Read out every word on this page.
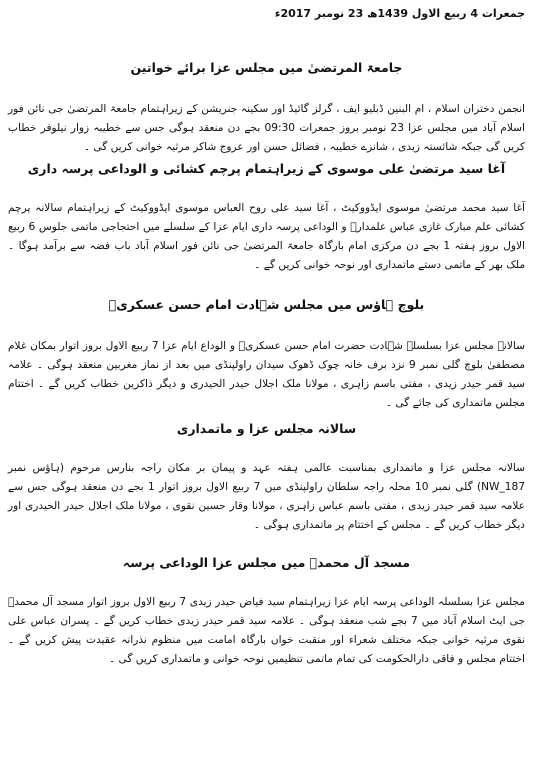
جمعرات 4 ربیع الاول 1439ھ 23 نومبر 2017ء
جامعۃ المرتضیٰ میں مجلس عزا برائے خواتین

انجمن دختران اسلام ، ام البنین ڈبلیو ایف ، گرلز گائیڈ اور سکینہ جنریشن کے زیراہتمام جامعۃ المرتضیٰ جی نائن فور اسلام آباد میں مجلس عزا 23 نومبر بروز جمعرات 09:30 بجے دن منعقد ہوگی جس سے خطیبہ زوار نیلوفر خطاب کریں گی جبکہ شائستہ زیدی ، شانزے خطیبہ ، فضائل حسن اور عروج شاکر مرثیہ خوانی کریں گی ۔

آغا سید مرتضیٰ علی موسوی کے زیراہتمام پرچم کشائی و الوداعی پرسہ داری

آغا سید محمد مرتضیٰ موسوی ایڈووکیٹ ، آغا سید علی روح العباس موسوی ایڈووکیٹ کے زیراہتمام سالانہ پرچم کشائی علم مبارک غازی عباس علمدارؑ و الوداعی پرسہ داری ایام عزا کے سلسلے میں احتجاجی ماتمی جلوس 6 ربیع الاول بروز ہفتہ 1 بجے دن مرکزی امام بارگاہ جامعۃ المرتضیٰ جی نائن فور اسلام آباد باب فضہ سے برآمد ہوگا ۔ ملک بھر کے ماتمی دستے ماتمداری اور نوحہ خوانی کریں گے ۔

بلوچ ہاؤس میں مجلس شہادت امام حسن عسکریؑ

سالانہ مجلس عزا بسلسلہ شہادت حضرت امام حسن عسکریؑ و الوداع ایام عزا 7 ربیع الاول بروز اتوار بمکان غلام مصطفیٰ بلوچ گلی نمبر 9 نزد برف خانہ چوک ڈھوک سیدان راولپنڈی میں بعد از نماز مغربین منعقد ہوگی ۔ علامہ سید قمر حیدر زیدی ، مفتی باسم زاہری ، مولانا ملک اجلال حیدر الحیدری و دیگر ذاکرین خطاب کریں گے ۔ اختتام مجلس ماتمداری کی جائے گی ۔

سالانہ مجلس عزا و ماتمداری

سالانہ مجلس عزا و ماتمداری بمناسبت عالمی ہفتہ عہد و پیمان بر مکان راجہ بنارس مرحوم (ہاؤس نمبر NW_187) گلی نمبر 10 محلہ راجہ سلطان راولپنڈی میں 7 ربیع الاول بروز اتوار 1 بجے دن منعقد ہوگی جس سے علامہ سید قمر حیدر زیدی ، مفتی باسم عباس زاہری ، مولانا وقار حسین نقوی ، مولانا ملک اجلال حیدر الحیدری اور دیگر خطاب کریں گے ۔ مجلس کے اختتام پر ماتمداری ہوگی ۔

مسجد آل محمدؐ میں مجلس عزا الوداعی پرسہ

مجلس عزا بسلسلہ الوداعی پرسہ ایام عزا زیراہتمام سید فیاض حیدر زیدی 7 ربیع الاول بروز اتوار مسجد آل محمدؐ جی ایٹ اسلام آباد میں 7 بجے شب منعقد ہوگی ۔ علامہ سید قمر حیدر زیدی خطاب کریں گے ۔ پسران عباس علی نقوی مرثیہ خوانی جبکہ مختلف شعراء اور منقبت خواں بارگاہ امامت میں منظوم نذرانہ عقیدت پیش کریں گے ۔ اختتام مجلس و فاقی دارالحکومت کی تمام ماتمی تنظیمیں نوحہ خوانی و ماتمداری کریں گی ۔
